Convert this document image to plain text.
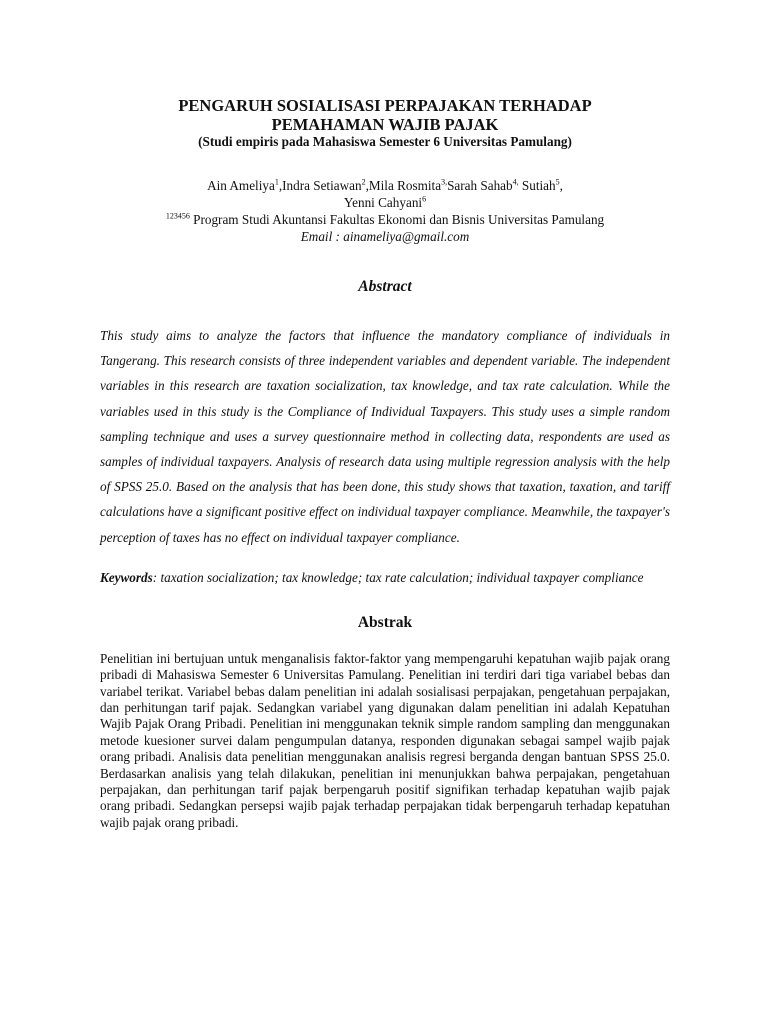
PENGARUH SOSIALISASI PERPAJAKAN TERHADAP
PEMAHAMAN WAJIB PAJAK
(Studi empiris pada Mahasiswa Semester 6 Universitas Pamulang)
Ain Ameliya$^1$,Indra Setiawan$^2$,Mila Rosmita$^{3,}$Sarah Sahab$^{4,}$ Sutiah$^5$,
Yenni Cahyani$^6$
$^{123456}$ Program Studi Akuntansi Fakultas Ekonomi dan Bisnis Universitas Pamulang
Email : ainameliya@gmail.com
Abstract
This study aims to analyze the factors that influence the mandatory compliance of individuals in Tangerang. This research consists of three independent variables and dependent variable. The independent variables in this research are taxation socialization, tax knowledge, and tax rate calculation. While the variables used in this study is the Compliance of Individual Taxpayers. This study uses a simple random sampling technique and uses a survey questionnaire method in collecting data, respondents are used as samples of individual taxpayers. Analysis of research data using multiple regression analysis with the help of SPSS 25.0. Based on the analysis that has been done, this study shows that taxation, taxation, and tariff calculations have a significant positive effect on individual taxpayer compliance. Meanwhile, the taxpayer's perception of taxes has no effect on individual taxpayer compliance.
Keywords: taxation socialization; tax knowledge; tax rate calculation; individual taxpayer compliance
Abstrak
Penelitian ini bertujuan untuk menganalisis faktor-faktor yang mempengaruhi kepatuhan wajib pajak orang pribadi di Mahasiswa Semester 6 Universitas Pamulang. Penelitian ini terdiri dari tiga variabel bebas dan variabel terikat. Variabel bebas dalam penelitian ini adalah sosialisasi perpajakan, pengetahuan perpajakan, dan perhitungan tarif pajak. Sedangkan variabel yang digunakan dalam penelitian ini adalah Kepatuhan Wajib Pajak Orang Pribadi. Penelitian ini menggunakan teknik simple random sampling dan menggunakan metode kuesioner survei dalam pengumpulan datanya, responden digunakan sebagai sampel wajib pajak orang pribadi. Analisis data penelitian menggunakan analisis regresi berganda dengan bantuan SPSS 25.0. Berdasarkan analisis yang telah dilakukan, penelitian ini menunjukkan bahwa perpajakan, pengetahuan perpajakan, dan perhitungan tarif pajak berpengaruh positif signifikan terhadap kepatuhan wajib pajak orang pribadi. Sedangkan persepsi wajib pajak terhadap perpajakan tidak berpengaruh terhadap kepatuhan wajib pajak orang pribadi.
